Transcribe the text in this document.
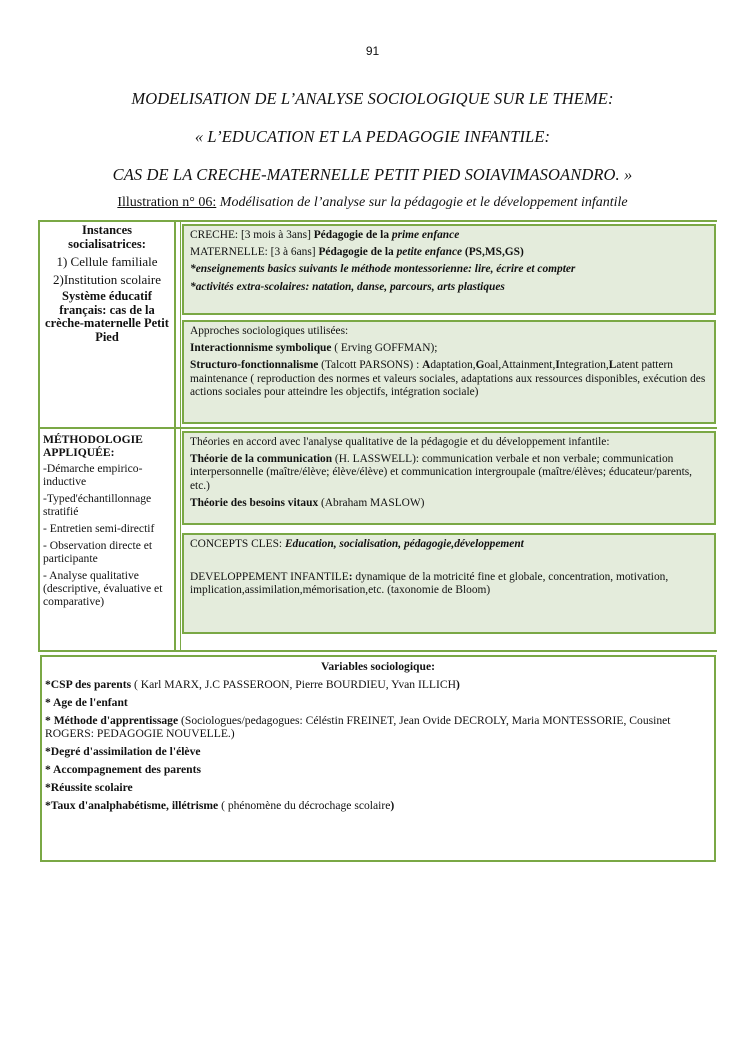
91
MODELISATION DE L’ANALYSE SOCIOLOGIQUE SUR LE THEME:
« L’EDUCATION ET LA PEDAGOGIE INFANTILE:
CAS DE LA CRECHE-MATERNELLE PETIT PIED SOIAVIMASOANDRO. »
Illustration n° 06: Modélisation de l’analyse sur la pédagogie et le développement infantile

Instances socialisatrices:

1) Cellule familiale

2)Institution scolaire

Système éducatif français: cas de la crèche-maternelle Petit Pied

CRECHE: [3 mois à 3ans] Pédagogie de la prime enfance

MATERNELLE: [3 à 6ans] Pédagogie de la petite enfance (PS,MS,GS)

*enseignements basics suivants le méthode montessorienne: lire, écrire et compter

*activités extra-scolaires: natation, danse, parcours, arts plastiques

Approches sociologiques utilisées:

Interactionnisme symbolique ( Erving GOFFMAN);

Structuro-fonctionnalisme (Talcott PARSONS) : Adaptation,Goal,Attainment,Integration,Latent pattern maintenance ( reproduction des normes et valeurs sociales, adaptations aux ressources disponibles, exécution des actions sociales pour atteindre les objectifs, intégration sociale)

MÉTHODOLOGIE APPLIQUÉE:

-Démarche empirico-inductive

-Typed'échantillonnage stratifié

- Entretien semi-directif

- Observation directe et participante

- Analyse qualitative (descriptive, évaluative et comparative)

Théories en accord avec l'analyse qualitative de la pédagogie et du développement infantile:

Théorie de la communication (H. LASSWELL): communication verbale et non verbale; communication interpersonnelle (maître/élève; élève/élève) et communication intergroupale (maître/élèves; éducateur/parents, etc.)

Théorie des besoins vitaux (Abraham MASLOW)

CONCEPTS CLES: Education, socialisation, pédagogie,développement

DEVELOPPEMENT INFANTILE: dynamique de la motricité fine et globale, concentration, motivation, implication,assimilation,mémorisation,etc. (taxonomie de Bloom)

Variables sociologique:

*CSP des parents ( Karl MARX, J.C PASSEROON, Pierre BOURDIEU, Yvan ILLICH)

* Age de l'enfant

* Méthode d'apprentissage (Sociologues/pedagogues: Céléstin FREINET, Jean Ovide DECROLY, Maria MONTESSORIE, Cousinet ROGERS: PEDAGOGIE NOUVELLE.)

*Degré d'assimilation de l'élève

* Accompagnement des parents

*Réussite scolaire

*Taux d'analphabétisme, illétrisme ( phénomène du décrochage scolaire)
